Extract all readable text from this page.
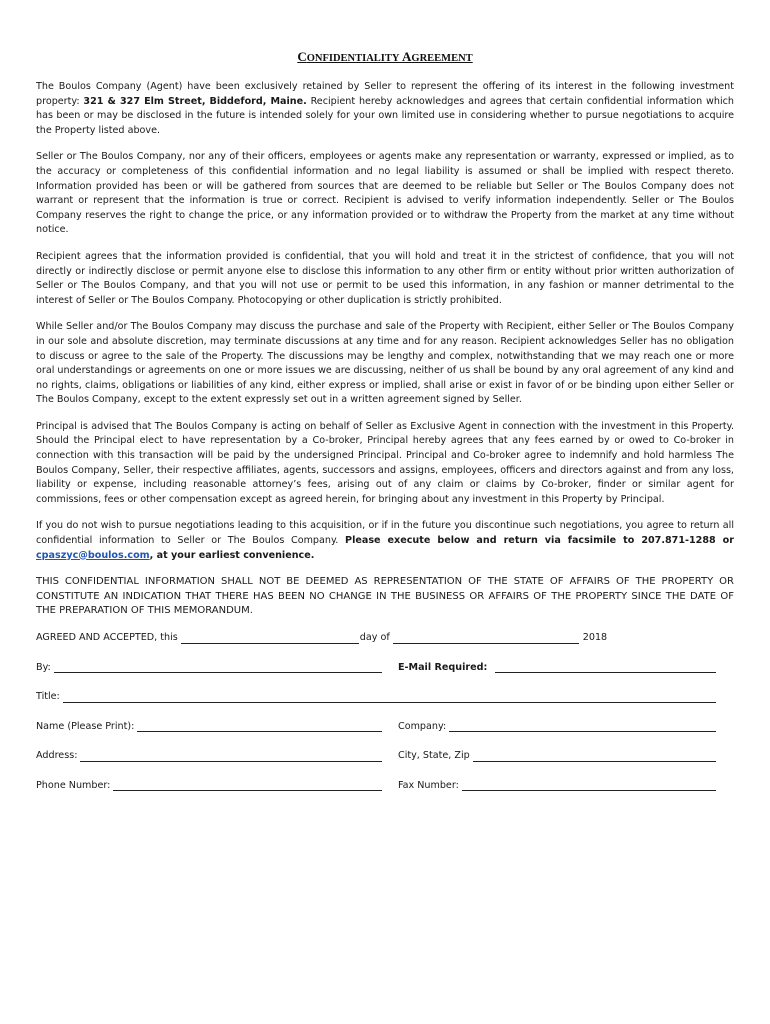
CONFIDENTIALITY AGREEMENT

The Boulos Company (Agent) have been exclusively retained by Seller to represent the offering of its interest in the following investment property: 321 & 327 Elm Street, Biddeford, Maine. Recipient hereby acknowledges and agrees that certain confidential information which has been or may be disclosed in the future is intended solely for your own limited use in considering whether to pursue negotiations to acquire the Property listed above.

Seller or The Boulos Company, nor any of their officers, employees or agents make any representation or warranty, expressed or implied, as to the accuracy or completeness of this confidential information and no legal liability is assumed or shall be implied with respect thereto. Information provided has been or will be gathered from sources that are deemed to be reliable but Seller or The Boulos Company does not warrant or represent that the information is true or correct. Recipient is advised to verify information independently. Seller or The Boulos Company reserves the right to change the price, or any information provided or to withdraw the Property from the market at any time without notice.

Recipient agrees that the information provided is confidential, that you will hold and treat it in the strictest of confidence, that you will not directly or indirectly disclose or permit anyone else to disclose this information to any other firm or entity without prior written authorization of Seller or The Boulos Company, and that you will not use or permit to be used this information, in any fashion or manner detrimental to the interest of Seller or The Boulos Company. Photocopying or other duplication is strictly prohibited.

While Seller and/or The Boulos Company may discuss the purchase and sale of the Property with Recipient, either Seller or The Boulos Company in our sole and absolute discretion, may terminate discussions at any time and for any reason. Recipient acknowledges Seller has no obligation to discuss or agree to the sale of the Property. The discussions may be lengthy and complex, notwithstanding that we may reach one or more oral understandings or agreements on one or more issues we are discussing, neither of us shall be bound by any oral agreement of any kind and no rights, claims, obligations or liabilities of any kind, either express or implied, shall arise or exist in favor of or be binding upon either Seller or The Boulos Company, except to the extent expressly set out in a written agreement signed by Seller.

Principal is advised that The Boulos Company is acting on behalf of Seller as Exclusive Agent in connection with the investment in this Property. Should the Principal elect to have representation by a Co-broker, Principal hereby agrees that any fees earned by or owed to Co-broker in connection with this transaction will be paid by the undersigned Principal. Principal and Co-broker agree to indemnify and hold harmless The Boulos Company, Seller, their respective affiliates, agents, successors and assigns, employees, officers and directors against and from any loss, liability or expense, including reasonable attorney’s fees, arising out of any claim or claims by Co-broker, finder or similar agent for commissions, fees or other compensation except as agreed herein, for bringing about any investment in this Property by Principal.

If you do not wish to pursue negotiations leading to this acquisition, or if in the future you discontinue such negotiations, you agree to return all confidential information to Seller or The Boulos Company. Please execute below and return via facsimile to 207.871-1288 or cpaszyc@boulos.com, at your earliest convenience.

THIS CONFIDENTIAL INFORMATION SHALL NOT BE DEEMED AS REPRESENTATION OF THE STATE OF AFFAIRS OF THE PROPERTY OR CONSTITUTE AN INDICATION THAT THERE HAS BEEN NO CHANGE IN THE BUSINESS OR AFFAIRS OF THE PROPERTY SINCE THE DATE OF THE PREPARATION OF THIS MEMORANDUM.

AGREED AND ACCEPTED, this	day of	2018
By:	E-Mail Required:
Title:
Name (Please Print):	Company:
Address:	City, State, Zip
Phone Number:	Fax Number:
